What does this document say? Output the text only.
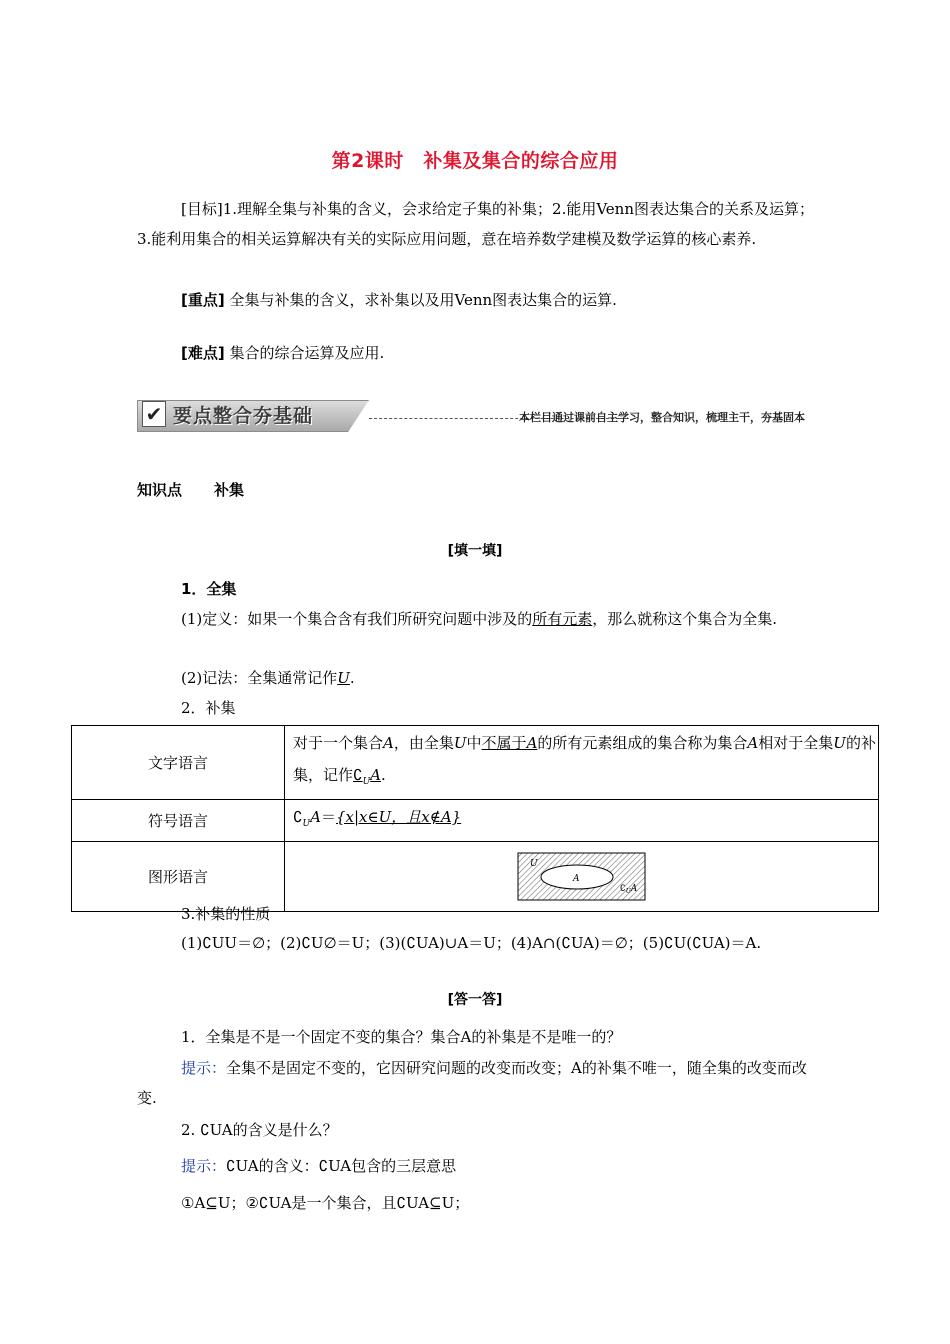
第2课时　补集及集合的综合应用
[目标]1.理解全集与补集的含义，会求给定子集的补集；2.能用Venn图表达集合的关系及运算；3.能利用集合的相关运算解决有关的实际应用问题，意在培养数学建模及数学运算的核心素养.
[重点] 全集与补集的含义，求补集以及用Venn图表达集合的运算.
[难点] 集合的综合运算及应用.
✔ 要点整合夯基础	本栏目通过课前自主学习，整合知识，梳理主干，夯基固本
知识点 补集
[填一填]
1．全集
(1)定义：如果一个集合含有我们所研究问题中涉及的所有元素，那么就称这个集合为全集.
(2)记法：全集通常记作U.
2．补集
文字语言	对于一个集合A，由全集U中不属于A的所有元素组成的集合称为集合A相对于全集U的补集，记作$∁_UA$.
符号语言	$∁_UA=\{x|x\in U$，且x∉A}
图形语言	U
A
$∁_UA$
3.补集的性质
(1)∁UU＝∅；(2)∁U∅＝U；(3)(∁UA)∪A＝U；(4)A∩(∁UA)＝∅；(5)∁U(∁UA)＝A.
[答一答]
1．全集是不是一个固定不变的集合？集合A的补集是不是唯一的？
提示：全集不是固定不变的，它因研究问题的改变而改变；A的补集不唯一，随全集的改变而改变.
2. ∁UA的含义是什么？
提示：∁UA的含义：∁UA包含的三层意思
①A⊆U；②∁UA是一个集合，且∁UA⊆U；
